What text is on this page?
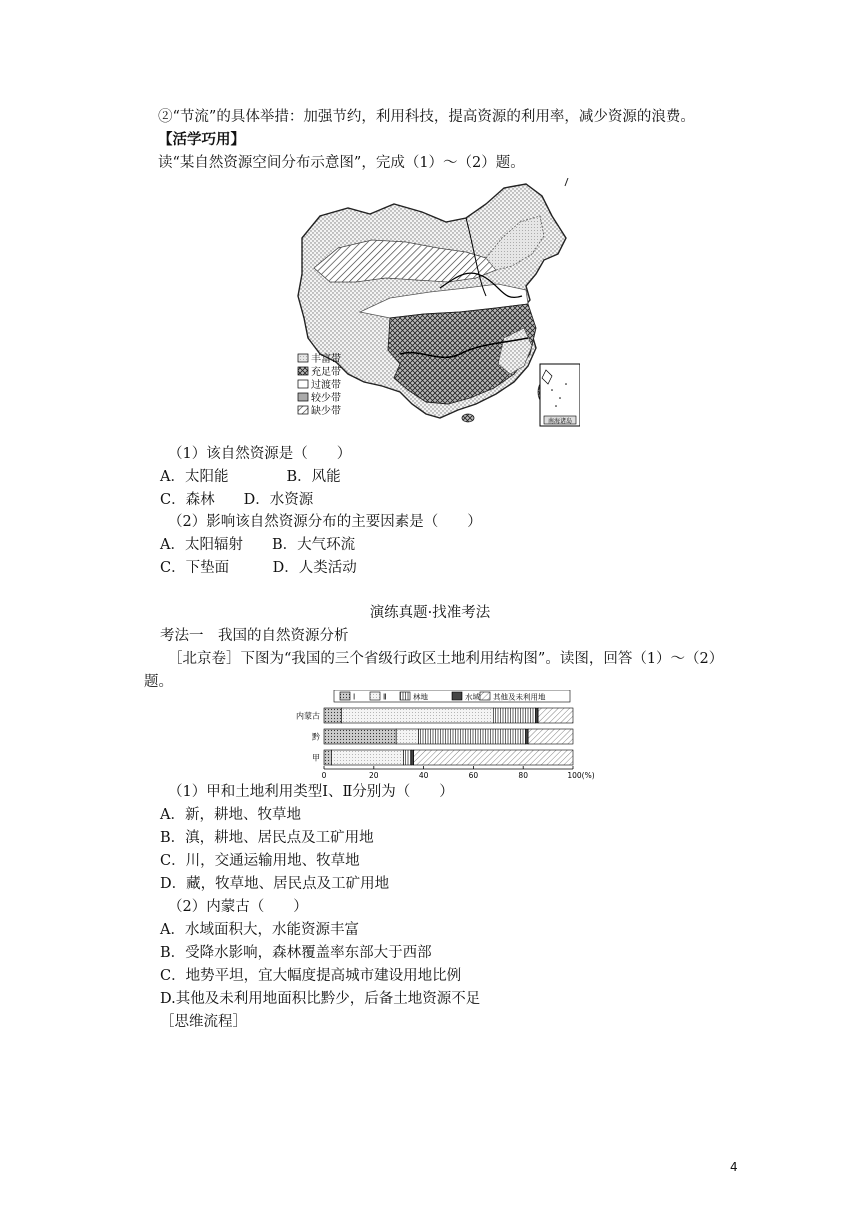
②“节流”的具体举措：加强节约，利用科技，提高资源的利用率，减少资源的浪费。
【活学巧用】
读“某自然资源空间分布示意图”，完成（1）～（2）题。
丰富带
充足带
过渡带
较少带
缺少带
南海诸岛
（1）该自然资源是（　　）
A．太阳能　　　　B．风能
C．森林　　D．水资源
（2）影响该自然资源分布的主要因素是（　　）
A．太阳辐射　　B．大气环流
C．下垫面　　　D．人类活动
演练真题·找准考法
考法一　我国的自然资源分析
［北京卷］下图为“我国的三个省级行政区土地利用结构图”。读图，回答（1）～（2）
题。
Ⅰ	Ⅱ	林地	水域 其他及未利用地
内蒙古
黔
甲
0	20	40	60	80	100(%)
（1）甲和土地利用类型Ⅰ、Ⅱ分别为（　　）
A．新，耕地、牧草地
B．滇，耕地、居民点及工矿用地
C．川，交通运输用地、牧草地
D．藏，牧草地、居民点及工矿用地
（2）内蒙古（　　）
A．水域面积大，水能资源丰富
B．受降水影响，森林覆盖率东部大于西部
C．地势平坦，宜大幅度提高城市建设用地比例
D.其他及未利用地面积比黔少，后备土地资源不足
［思维流程］
4
